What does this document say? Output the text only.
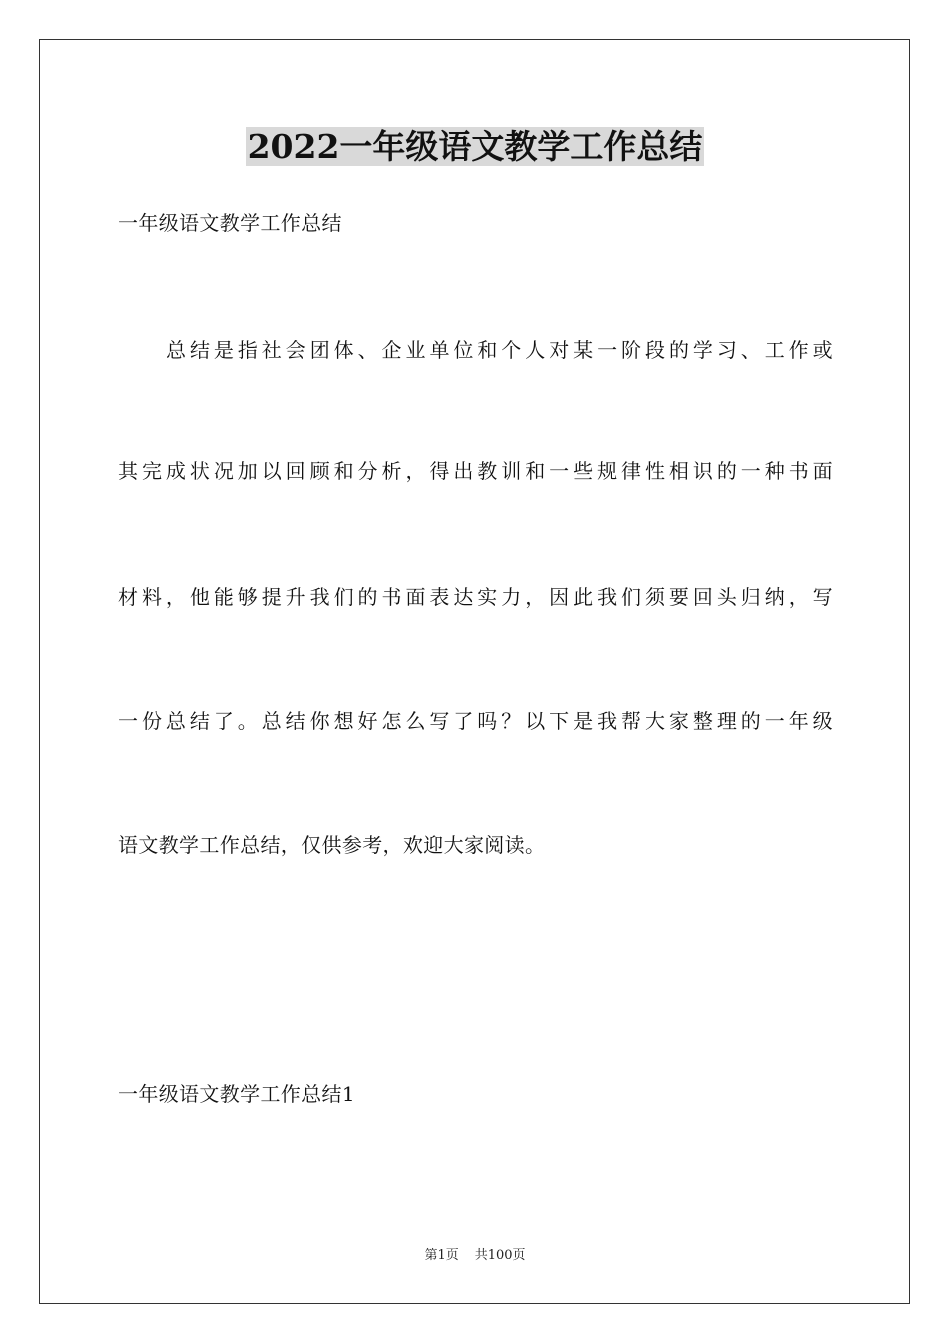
2022一年级语文教学工作总结
一年级语文教学工作总结
总结是指社会团体、企业单位和个人对某一阶段的学习、工作或
其完成状况加以回顾和分析，得出教训和一些规律性相识的一种书面
材料，他能够提升我们的书面表达实力，因此我们须要回头归纳，写
一份总结了。总结你想好怎么写了吗？以下是我帮大家整理的一年级
语文教学工作总结，仅供参考，欢迎大家阅读。
一年级语文教学工作总结1
第1页 共100页
